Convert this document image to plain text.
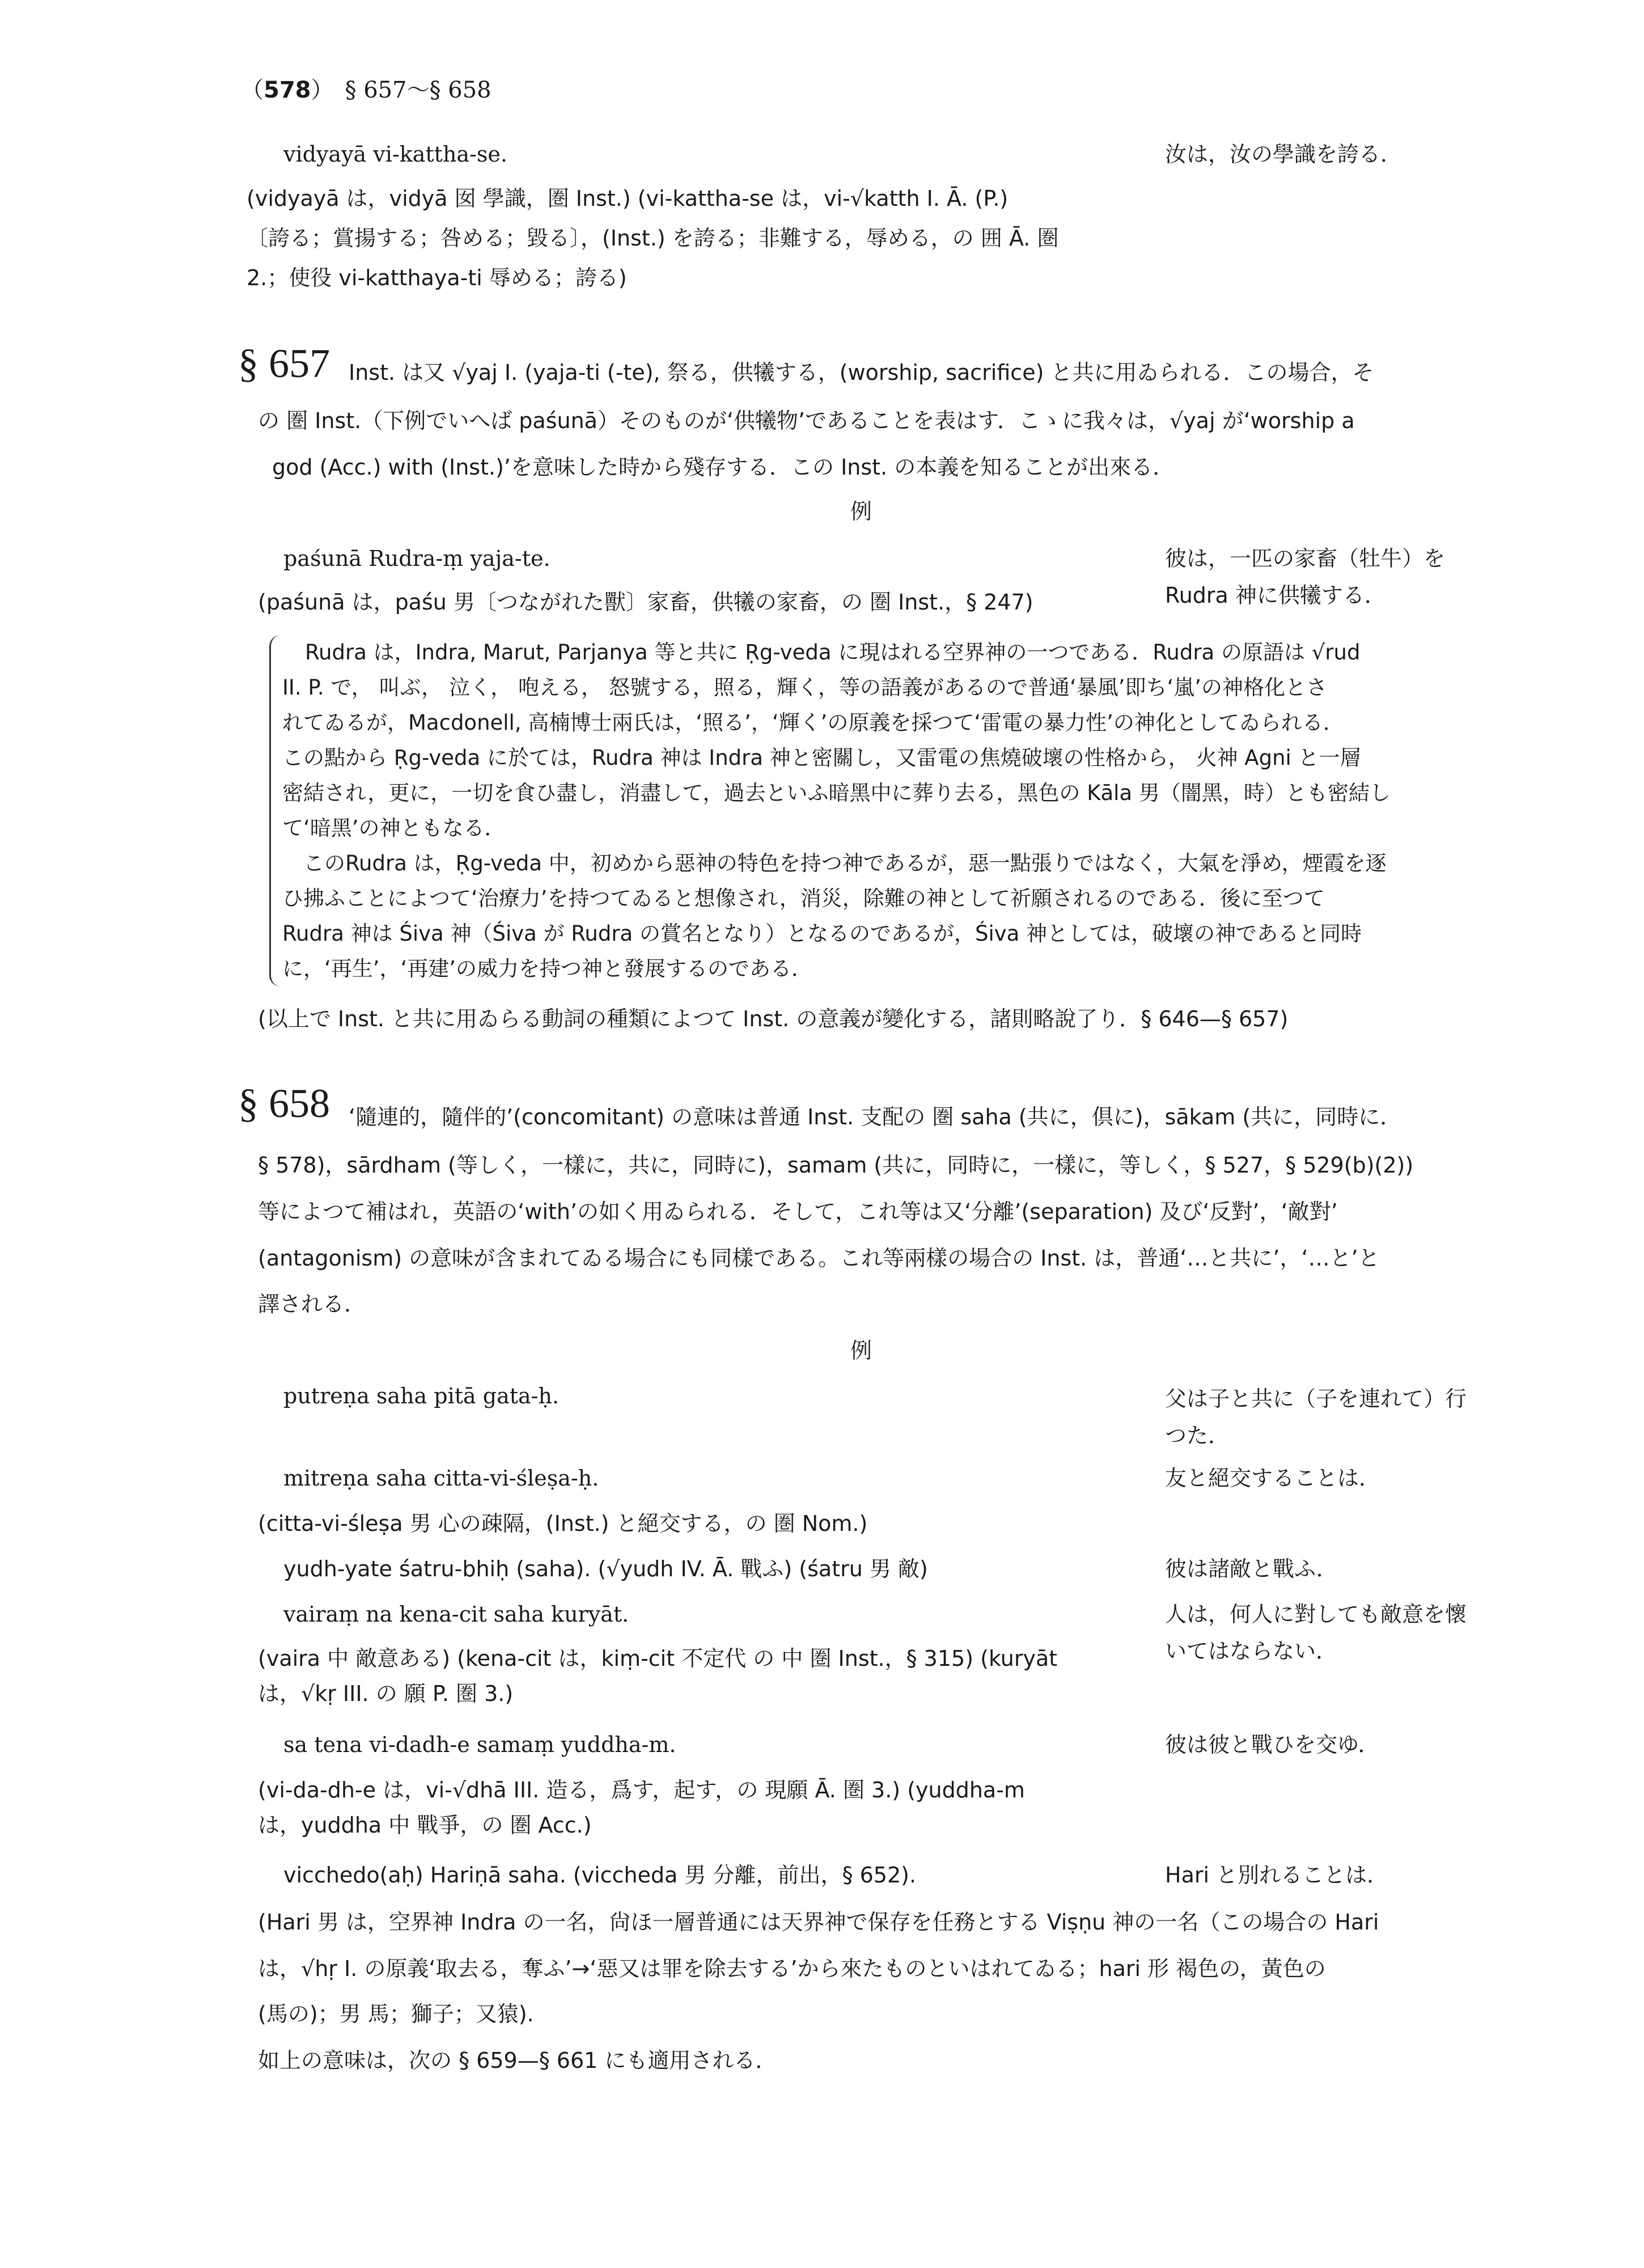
（578）　§ 657〜§ 658
vidyayā vi-kattha-se.	汝は，汝の學識を誇る．
(vidyayā は，vidyā 囡 學識，圏 Inst.) (vi-kattha-se は，vi-√katth I. Ā. (P.)
〔誇る；賞揚する；咎める；毀る〕，(Inst.) を誇る；非難する，辱める，の 囲 Ā. 圏
2.；使役 vi-katthaya-ti 辱める；誇る)
§ 657 Inst. は又 √yaj I. (yaja-ti (-te), 祭る，供犧する，(worship, sacrifice) と共に用ゐられる．この場合，そ
の 圏 Inst.（下例でいへば paśunā）そのものが‘供犧物’であることを表はす．こゝに我々は，√yaj が‘worship a
god (Acc.) with (Inst.)’を意味した時から殘存する．この Inst. の本義を知ることが出來る．
例
paśunā Rudra-ṃ yaja-te.	彼は，一匹の家畜（牡牛）を
Rudra 神に供犧する．
(paśunā は，paśu 男〔つながれた獸〕家畜，供犧の家畜，の 圏 Inst.，§ 247)
Rudra は，Indra, Marut, Parjanya 等と共に Ṛg-veda に現はれる空界神の一つである．Rudra の原語は √rud
II. P. で， 叫ぶ， 泣く， 咆える， 怒號する，照る，輝く，等の語義があるので普通‘暴風’即ち‘嵐’の神格化とさ
れてゐるが，Macdonell, 高楠博士兩氏は，‘照る’，‘輝く’の原義を採つて‘雷電の暴力性’の神化としてゐられる．
この點から Ṛg-veda に於ては，Rudra 神は Indra 神と密關し，又雷電の焦燒破壞の性格から， 火神 Agni と一層
密結され，更に，一切を食ひ盡し，消盡して，過去といふ暗黑中に葬り去る，黑色の Kāla 男（闇黑，時）とも密結し
て‘暗黑’の神ともなる．
　このRudra は，Ṛg-veda 中，初めから惡神の特色を持つ神であるが，惡一點張りではなく，大氣を淨め，煙霞を逐
ひ拂ふことによつて‘治療力’を持つてゐると想像され，消災，除難の神として祈願されるのである．後に至つて
Rudra 神は Śiva 神（Śiva が Rudra の賞名となり）となるのであるが，Śiva 神としては，破壞の神であると同時
に，‘再生’，‘再建’の威力を持つ神と發展するのである．
(以上で Inst. と共に用ゐらる動詞の種類によつて Inst. の意義が變化する，諸則略說了り．§ 646—§ 657)
§ 658 ‘隨連的，隨伴的’(concomitant) の意味は普通 Inst. 支配の 圏 saha (共に，倶に)，sākam (共に，同時に．
§ 578)，sārdham (等しく，一樣に，共に，同時に)，samam (共に，同時に，一樣に，等しく，§ 527，§ 529(b)(2))
等によつて補はれ，英語の‘with’の如く用ゐられる．そして，これ等は又‘分離’(separation) 及び‘反對’，‘敵對’
(antagonism) の意味が含まれてゐる場合にも同樣である。これ等兩樣の場合の Inst. は，普通‘…と共に’，‘…と’と
譯される．
例
putreṇa saha pitā gata-ḥ.	父は子と共に（子を連れて）行
つた．
mitreṇa saha citta-vi-śleṣa-ḥ.	友と絕交することは．
(citta-vi-śleṣa 男 心の疎隔，(Inst.) と絕交する，の 圏 Nom.)
yudh-yate śatru-bhiḥ (saha). (√yudh IV. Ā. 戰ふ) (śatru 男 敵)	彼は諸敵と戰ふ．
vairaṃ na kena-cit saha kuryāt.	人は，何人に對しても敵意を懷
いてはならない．
(vaira 中 敵意ある) (kena-cit は，kiṃ-cit 不定代 の 中 圏 Inst.，§ 315) (kuryāt
は，√kṛ III. の 願 P. 圏 3.)
sa tena vi-dadh-e samaṃ yuddha-m.	彼は彼と戰ひを交ゆ．
(vi-da-dh-e は，vi-√dhā III. 造る，爲す，起す，の 現願 Ā. 圏 3.) (yuddha-m
は，yuddha 中 戰爭，の 圏 Acc.)
vicchedo(aḥ) Hariṇā saha. (viccheda 男 分離，前出，§ 652).	Hari と別れることは．
(Hari 男 は，空界神 Indra の一名，尙ほ一層普通には天界神で保存を任務とする Viṣṇu 神の一名（この場合の Hari
は，√hṛ I. の原義‘取去る，奪ふ’→‘惡又は罪を除去する’から來たものといはれてゐる；hari 形 褐色の，黃色の
(馬の)；男 馬；獅子；又猿).
如上の意味は，次の § 659—§ 661 にも適用される．
